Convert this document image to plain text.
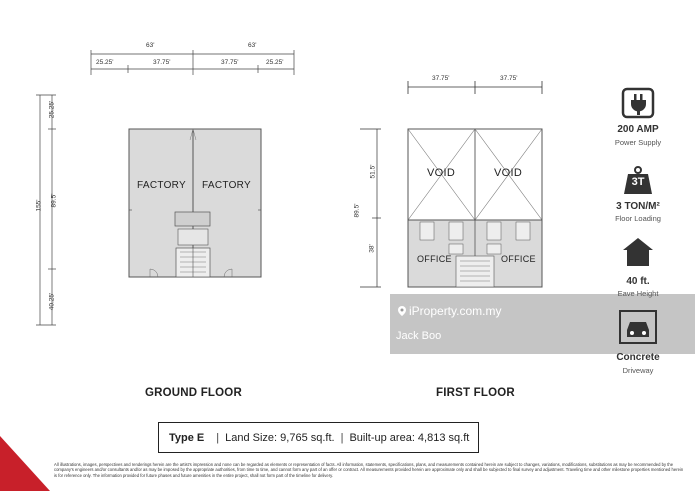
63'	63'
25.25'	37.75'	37.75'	25.25'
25.25'
89.5'
40.25'
155'
FACTORY FACTORY
GROUND FLOOR
37.75'	37.75'
51.5'
38'
89.5'
VOID	VOID
OFFICE	OFFICE
FIRST FLOOR
iProperty.com.my
Jack Boo
200 AMP
Power Supply
3T
3 TON/M²
Floor Loading
40 ft.
Eave Height
Concrete
Driveway
Type E | Land Size: 9,765 sq.ft. | Built-up area: 4,813 sq.ft
All illustrations, images, perspectives and renderings herein are the artist's impression and none can be regarded as elements or representation of facts. All information, statements, specifications, plans, and measurements contained herein are subject to changes, variations, modifications, substitutions as may be recommended by the company's engineers and/or consultants and/or as may be imposed by the appropriate authorities, from time to time, and cannot form any part of an offer or contract. All measurements provided herein are approximate only and shall be subjected to final survey and adjustment. Traveling time and other milestone properties mentioned herein is for reference only. The information provided for future phases and future amenities in the entire project, shall not form part of the timeline for delivery.
